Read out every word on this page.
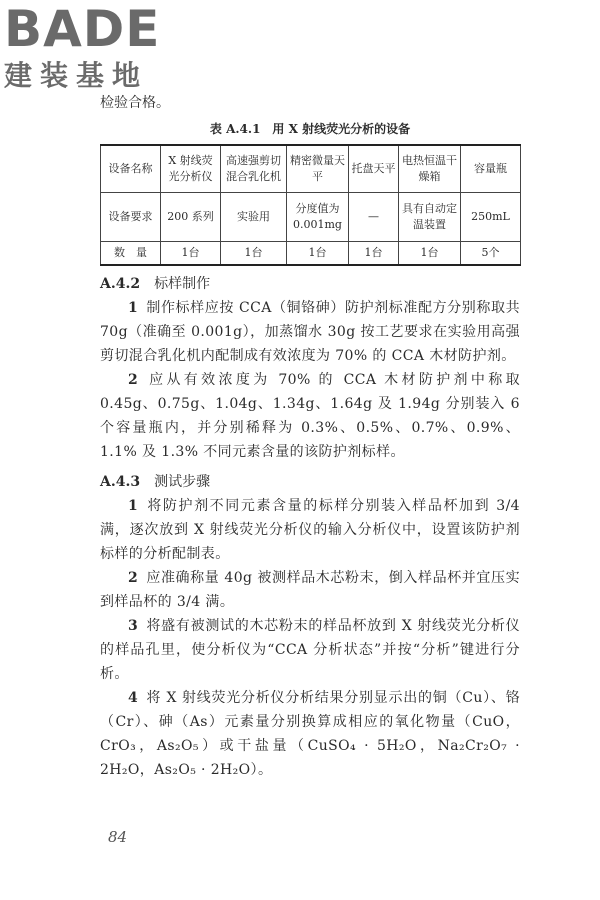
BADE
建装基地
检验合格。
表 A.4.1　用 X 射线荧光分析的设备
设备名称	X 射线荧光分析仪	高速强剪切混合乳化机	精密微量天平	托盘天平	电热恒温干燥箱	容量瓶
设备要求	200 系列	实验用	分度值为 0.001mg	—	具有自动定温装置	250mL
数　量	1台	1台	1台	1台	1台	5个
A.4.2 标样制作

1 制作标样应按 CCA（铜铬砷）防护剂标准配方分别称取共 70g（准确至 0.001g），加蒸馏水 30g 按工艺要求在实验用高强剪切混合乳化机内配制成有效浓度为 70% 的 CCA 木材防护剂。

2 应从有效浓度为 70% 的 CCA 木材防护剂中称取 0.45g、0.75g、1.04g、1.34g、1.64g 及 1.94g 分别装入 6 个容量瓶内，并分别稀释为 0.3%、0.5%、0.7%、0.9%、1.1% 及 1.3% 不同元素含量的该防护剂标样。

A.4.3 测试步骤

1 将防护剂不同元素含量的标样分别装入样品杯加到 3/4 满，逐次放到 X 射线荧光分析仪的输入分析仪中，设置该防护剂标样的分析配制表。

2 应准确称量 40g 被测样品木芯粉末，倒入样品杯并宜压实到样品杯的 3/4 满。

3 将盛有被测试的木芯粉末的样品杯放到 X 射线荧光分析仪的样品孔里，使分析仪为“CCA 分析状态”并按“分析”键进行分析。

4 将 X 射线荧光分析仪分析结果分别显示出的铜（Cu）、铬（Cr）、砷（As）元素量分别换算成相应的氧化物量（CuO，CrO₃，As₂O₅）或干盐量（CuSO₄ · 5H₂O，Na₂Cr₂O₇ · 2H₂O，As₂O₅ · 2H₂O）。

84
